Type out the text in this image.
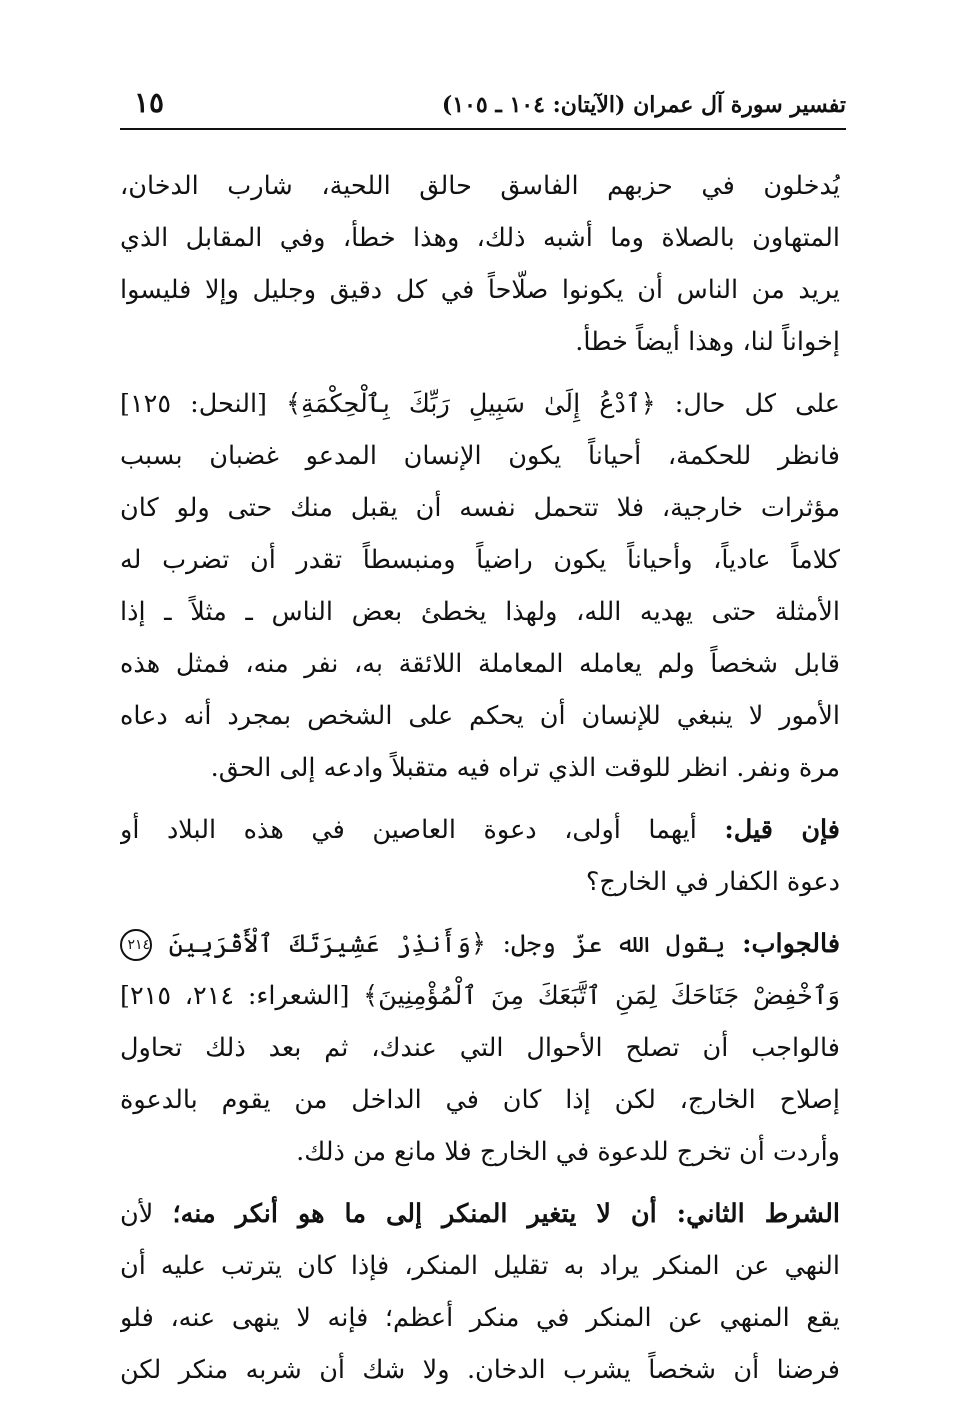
تفسير سورة آل عمران (الآيتان: ١٠٤ ـ ١٠٥)
١٥
يُدخلون في حزبهم الفاسق حالق اللحية، شارب الدخان،
المتهاون بالصلاة وما أشبه ذلك، وهذا خطأ، وفي المقابل الذي
يريد من الناس أن يكونوا صلّاحاً في كل دقيق وجليل وإلا فليسوا
إخواناً لنا، وهذا أيضاً خطأ.
على كل حال: ﴿ٱدْعُ إِلَىٰ سَبِيلِ رَبِّكَ بِٱلْحِكْمَةِ﴾ [النحل: ١٢٥]
فانظر للحكمة، أحياناً يكون الإنسان المدعو غضبان بسبب
مؤثرات خارجية، فلا تتحمل نفسه أن يقبل منك حتى ولو كان
كلاماً عادياً، وأحياناً يكون راضياً ومنبسطاً تقدر أن تضرب له
الأمثلة حتى يهديه الله، ولهذا يخطئ بعض الناس ـ مثلاً ـ إذا
قابل شخصاً ولم يعامله المعاملة اللائقة به، نفر منه، فمثل هذه
الأمور لا ينبغي للإنسان أن يحكم على الشخص بمجرد أنه دعاه
مرة ونفر. انظر للوقت الذي تراه فيه متقبلاً وادعه إلى الحق.
فإن قيل: أيهما أولى، دعوة العاصين في هذه البلاد أو
دعوة الكفار في الخارج؟
فالجواب: يقول الله عزّ وجل: ﴿وَأَنذِرْ عَشِيرَتَكَ ٱلْأَقْرَبِينَ ٢١٤
وَٱخْفِضْ جَنَاحَكَ لِمَنِ ٱتَّبَعَكَ مِنَ ٱلْمُؤْمِنِينَ﴾ [الشعراء: ٢١٤، ٢١٥]
فالواجب أن تصلح الأحوال التي عندك، ثم بعد ذلك تحاول
إصلاح الخارج، لكن إذا كان في الداخل من يقوم بالدعوة
وأردت أن تخرج للدعوة في الخارج فلا مانع من ذلك.
الشرط الثاني: أن لا يتغير المنكر إلى ما هو أنكر منه؛ لأن
النهي عن المنكر يراد به تقليل المنكر، فإذا كان يترتب عليه أن
يقع المنهي عن المنكر في منكر أعظم؛ فإنه لا ينهى عنه، فلو
فرضنا أن شخصاً يشرب الدخان. ولا شك أن شربه منكر لكن
